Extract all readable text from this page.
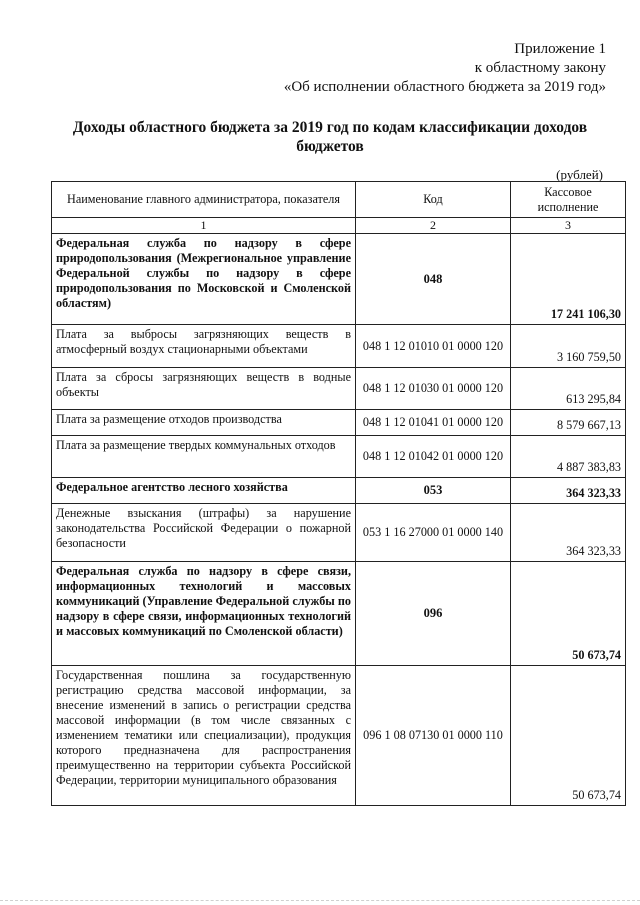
Приложение 1
к областному закону
«Об исполнении областного бюджета за 2019 год»
Доходы областного бюджета за 2019 год по кодам классификации доходов
бюджетов
(рублей)
Наименование главного администратора, показателя	Код	Кассовое исполнение
1	2	3
Федеральная служба по надзору в сфере природопользования (Межрегиональное управление Федеральной службы по надзору в сфере природопользования по Московской и Смоленской областям)	048	17 241 106,30
Плата за выбросы загрязняющих веществ в атмосферный воздух стационарными объектами	048 1 12 01010 01 0000 120	3 160 759,50
Плата за сбросы загрязняющих веществ в водные объекты	048 1 12 01030 01 0000 120	613 295,84
Плата за размещение отходов производства	048 1 12 01041 01 0000 120	8 579 667,13
Плата за размещение твердых коммунальных отходов	048 1 12 01042 01 0000 120	4 887 383,83
Федеральное агентство лесного хозяйства	053	364 323,33
Денежные взыскания (штрафы) за нарушение законодательства Российской Федерации о пожарной безопасности	053 1 16 27000 01 0000 140	364 323,33
Федеральная служба по надзору в сфере связи, информационных технологий и массовых коммуникаций (Управление Федеральной службы по надзору в сфере связи, информационных технологий и массовых коммуникаций по Смоленской области)	096	50 673,74
Государственная пошлина за государственную регистрацию средства массовой информации, за внесение изменений в запись о регистрации средства массовой информации (в том числе связанных с изменением тематики или специализации), продукция которого предназначена для распространения преимущественно на территории субъекта Российской Федерации, территории муниципального образования	096 1 08 07130 01 0000 110	50 673,74
